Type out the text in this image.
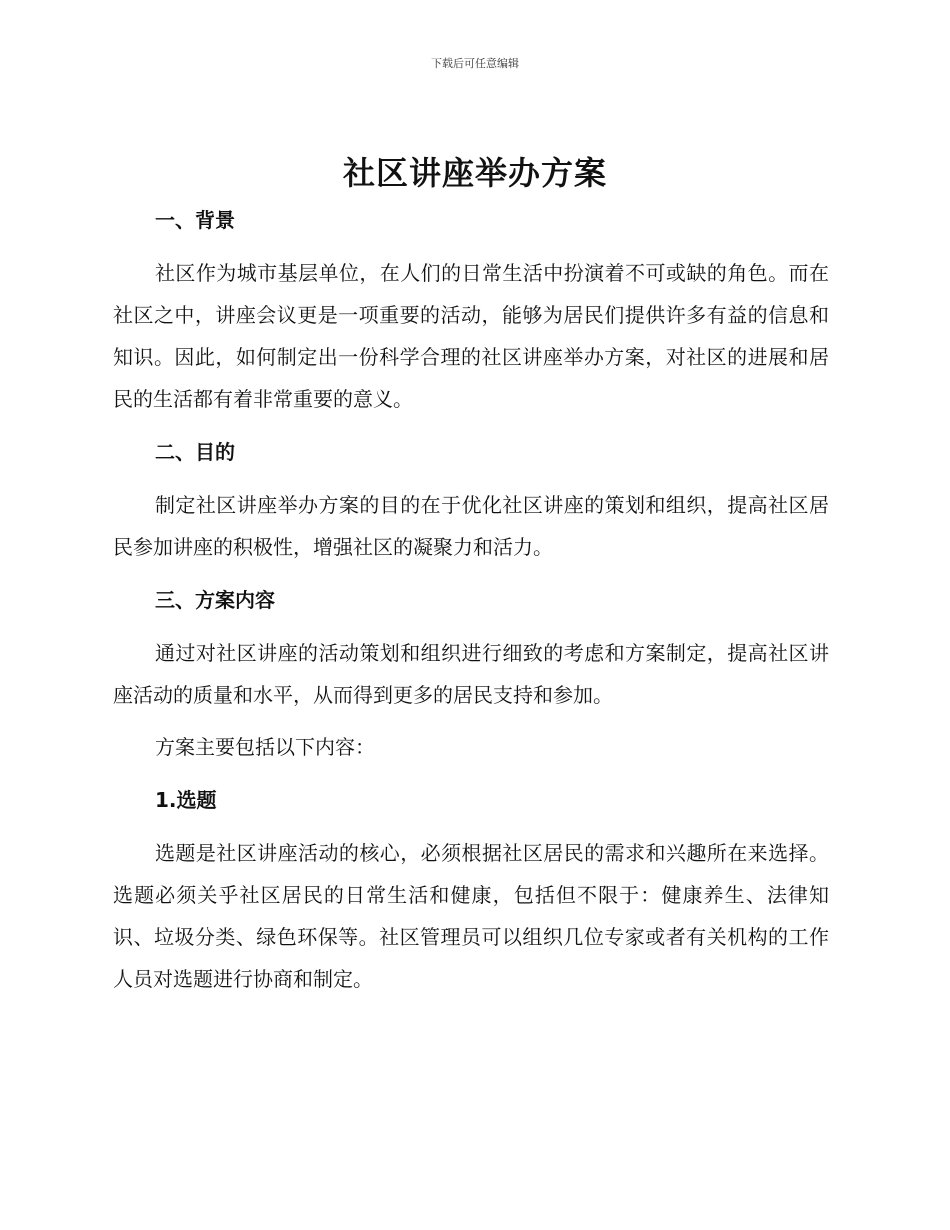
下载后可任意编辑
社区讲座举办方案
一、背景

社区作为城市基层单位，在人们的日常生活中扮演着不可或缺的角色。而在社区之中，讲座会议更是一项重要的活动，能够为居民们提供许多有益的信息和知识。因此，如何制定出一份科学合理的社区讲座举办方案，对社区的进展和居民的生活都有着非常重要的意义。

二、目的

制定社区讲座举办方案的目的在于优化社区讲座的策划和组织，提高社区居民参加讲座的积极性，增强社区的凝聚力和活力。

三、方案内容

通过对社区讲座的活动策划和组织进行细致的考虑和方案制定，提高社区讲座活动的质量和水平，从而得到更多的居民支持和参加。

方案主要包括以下内容：

1.选题

选题是社区讲座活动的核心，必须根据社区居民的需求和兴趣所在来选择。选题必须关乎社区居民的日常生活和健康，包括但不限于：健康养生、法律知识、垃圾分类、绿色环保等。社区管理员可以组织几位专家或者有关机构的工作人员对选题进行协商和制定。
